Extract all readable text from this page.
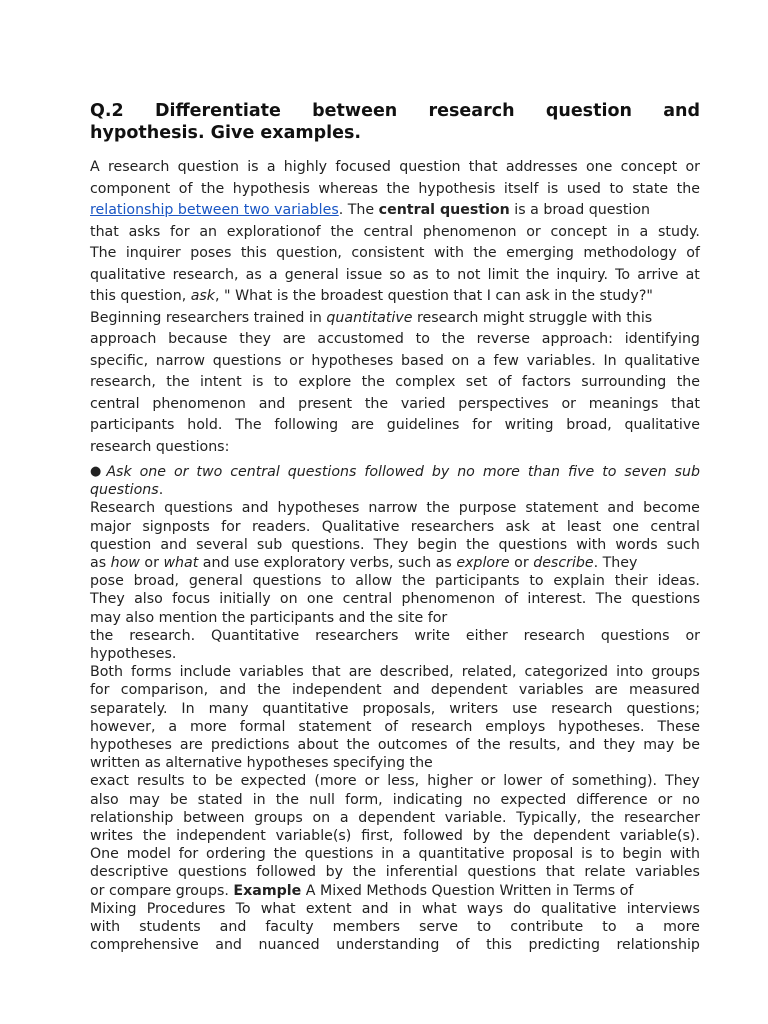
Q.2 Differentiate between research question and
hypothesis. Give examples.
A research question is a highly focused question that addresses one concept or
component of the hypothesis whereas the hypothesis itself is used to state the
relationship between two variables. The central question is a broad question
that asks for an explorationof the central phenomenon or concept in a study.
The inquirer poses this question, consistent with the emerging methodology of
qualitative research, as a general issue so as to not limit the inquiry. To arrive at
this question, ask, " What is the broadest question that I can ask in the study?"
Beginning researchers trained in quantitative research might struggle with this
approach because they are accustomed to the reverse approach: identifying
specific, narrow questions or hypotheses based on a few variables. In qualitative
research, the intent is to explore the complex set of factors surrounding the
central phenomenon and present the varied perspectives or meanings that
participants hold. The following are guidelines for writing broad, qualitative
research questions:
● Ask one or two central questions followed by no more than five to seven sub
questions.
Research questions and hypotheses narrow the purpose statement and become
major signposts for readers. Qualitative researchers ask at least one central
question and several sub questions. They begin the questions with words such
as how or what and use exploratory verbs, such as explore or describe. They
pose broad, general questions to allow the participants to explain their ideas.
They also focus initially on one central phenomenon of interest. The questions
may also mention the participants and the site for
the research. Quantitative researchers write either research questions or
hypotheses.
Both forms include variables that are described, related, categorized into groups
for comparison, and the independent and dependent variables are measured
separately. In many quantitative proposals, writers use research questions;
however, a more formal statement of research employs hypotheses. These
hypotheses are predictions about the outcomes of the results, and they may be
written as alternative hypotheses specifying the
exact results to be expected (more or less, higher or lower of something). They
also may be stated in the null form, indicating no expected difference or no
relationship between groups on a dependent variable. Typically, the researcher
writes the independent variable(s) first, followed by the dependent variable(s).
One model for ordering the questions in a quantitative proposal is to begin with
descriptive questions followed by the inferential questions that relate variables
or compare groups. Example A Mixed Methods Question Written in Terms of
Mixing Procedures To what extent and in what ways do qualitative interviews
with students and faculty members serve to contribute to a more
comprehensive and nuanced understanding of this predicting relationship
